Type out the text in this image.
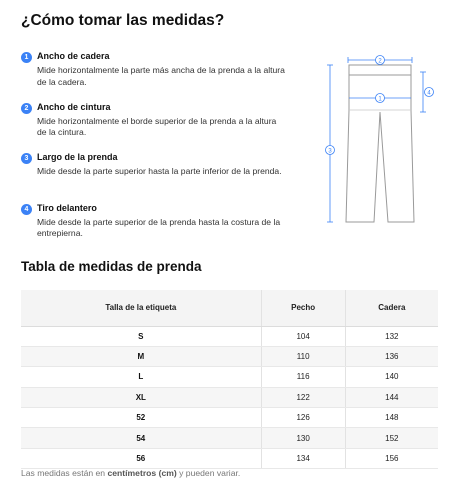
¿Cómo tomar las medidas?
1 Ancho de cadera
Mide horizontalmente la parte más ancha de la prenda a la altura de la cadera.
2 Ancho de cintura
Mide horizontalmente el borde superior de la prenda a la altura de la cintura.
3 Largo de la prenda
Mide desde la parte superior hasta la parte inferior de la prenda.
4 Tiro delantero
Mide desde la parte superior de la prenda hasta la costura de la entrepierna.
2
1
3
4
Tabla de medidas de prenda
Talla de la etiqueta	Pecho	Cadera
S	104	132
M	110	136
L	116	140
XL	122	144
52	126	148
54	130	152
56	134	156
Las medidas están en centímetros (cm) y pueden variar.
